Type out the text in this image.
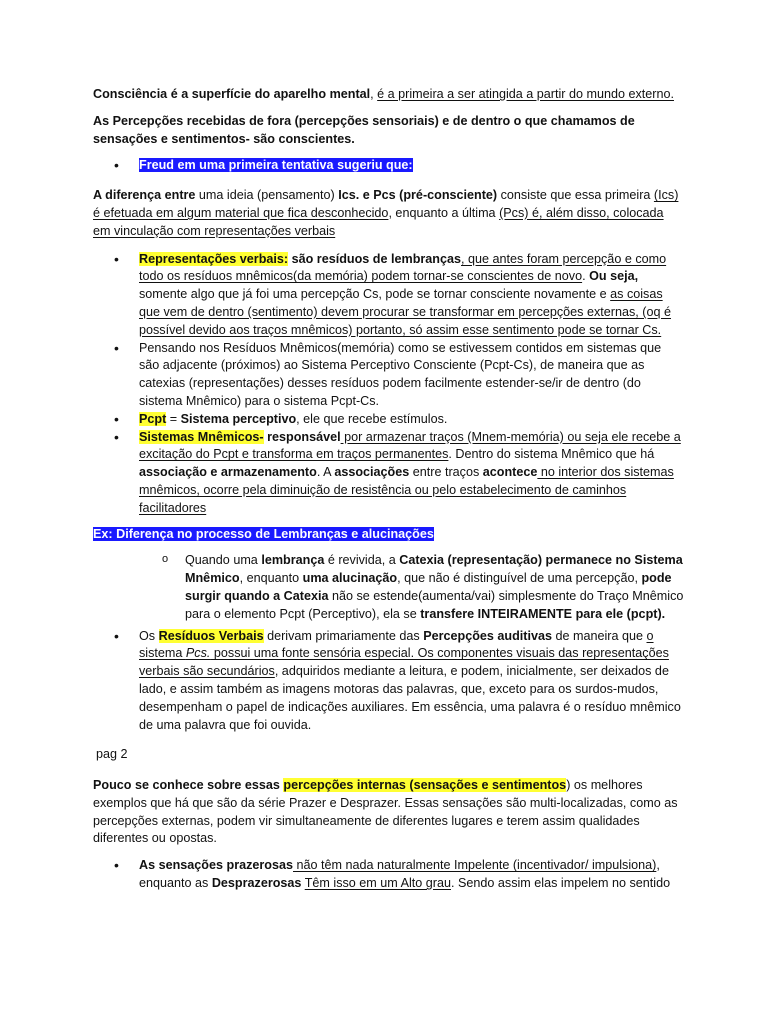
Consciência é a superfície do aparelho mental, é a primeira a ser atingida a partir do mundo externo.

As Percepções recebidas de fora (percepções sensoriais) e de dentro o que chamamos de sensações e sentimentos- são conscientes.

• Freud em uma primeira tentativa sugeriu que:

A diferença entre uma ideia (pensamento) Ics. e Pcs (pré-consciente) consiste que essa primeira (Ics) é efetuada em algum material que fica desconhecido, enquanto a última (Pcs) é, além disso, colocada em vinculação com representações verbais

• Representações verbais: são resíduos de lembranças, que antes foram percepção e como todo os resíduos mnêmicos(da memória) podem tornar-se conscientes de novo. Ou seja, somente algo que já foi uma percepção Cs, pode se tornar consciente novamente e as coisas que vem de dentro (sentimento) devem procurar se transformar em percepções externas, (oq é possível devido aos traços mnêmicos) portanto, só assim esse sentimento pode se tornar Cs.
• Pensando nos Resíduos Mnêmicos(memória) como se estivessem contidos em sistemas que são adjacente (próximos) ao Sistema Perceptivo Consciente (Pcpt-Cs), de maneira que as catexias (representações) desses resíduos podem facilmente estender-se/ir de dentro (do sistema Mnêmico) para o sistema Pcpt-Cs.
• Pcpt = Sistema perceptivo, ele que recebe estímulos.
• Sistemas Mnêmicos- responsável por armazenar traços (Mnem-memória) ou seja ele recebe a excitação do Pcpt e transforma em traços permanentes. Dentro do sistema Mnêmico que há associação e armazenamento. A associações entre traços acontece no interior dos sistemas mnêmicos, ocorre pela diminuição de resistência ou pelo estabelecimento de caminhos facilitadores

Ex: Diferença no processo de Lembranças e alucinações

o Quando uma lembrança é revivida, a Catexia (representação) permanece no Sistema Mnêmico, enquanto uma alucinação, que não é distinguível de uma percepção, pode surgir quando a Catexia não se estende(aumenta/vai) simplesmente do Traço Mnêmico para o elemento Pcpt (Perceptivo), ela se transfere INTEIRAMENTE para ele (pcpt).
• Os Resíduos Verbais derivam primariamente das Percepções auditivas de maneira que o sistema Pcs. possui uma fonte sensória especial. Os componentes visuais das representações verbais são secundários, adquiridos mediante a leitura, e podem, inicialmente, ser deixados de lado, e assim também as imagens motoras das palavras, que, exceto para os surdos-mudos, desempenham o papel de indicações auxiliares. Em essência, uma palavra é o resíduo mnêmico de uma palavra que foi ouvida.

pag 2

Pouco se conhece sobre essas percepções internas (sensações e sentimentos) os melhores exemplos que há que são da série Prazer e Desprazer. Essas sensações são multi-localizadas, como as percepções externas, podem vir simultaneamente de diferentes lugares e terem assim qualidades diferentes ou opostas.

• As sensações prazerosas não têm nada naturalmente Impelente (incentivador/ impulsiona), enquanto as Desprazerosas Têm isso em um Alto grau. Sendo assim elas impelem no sentido
